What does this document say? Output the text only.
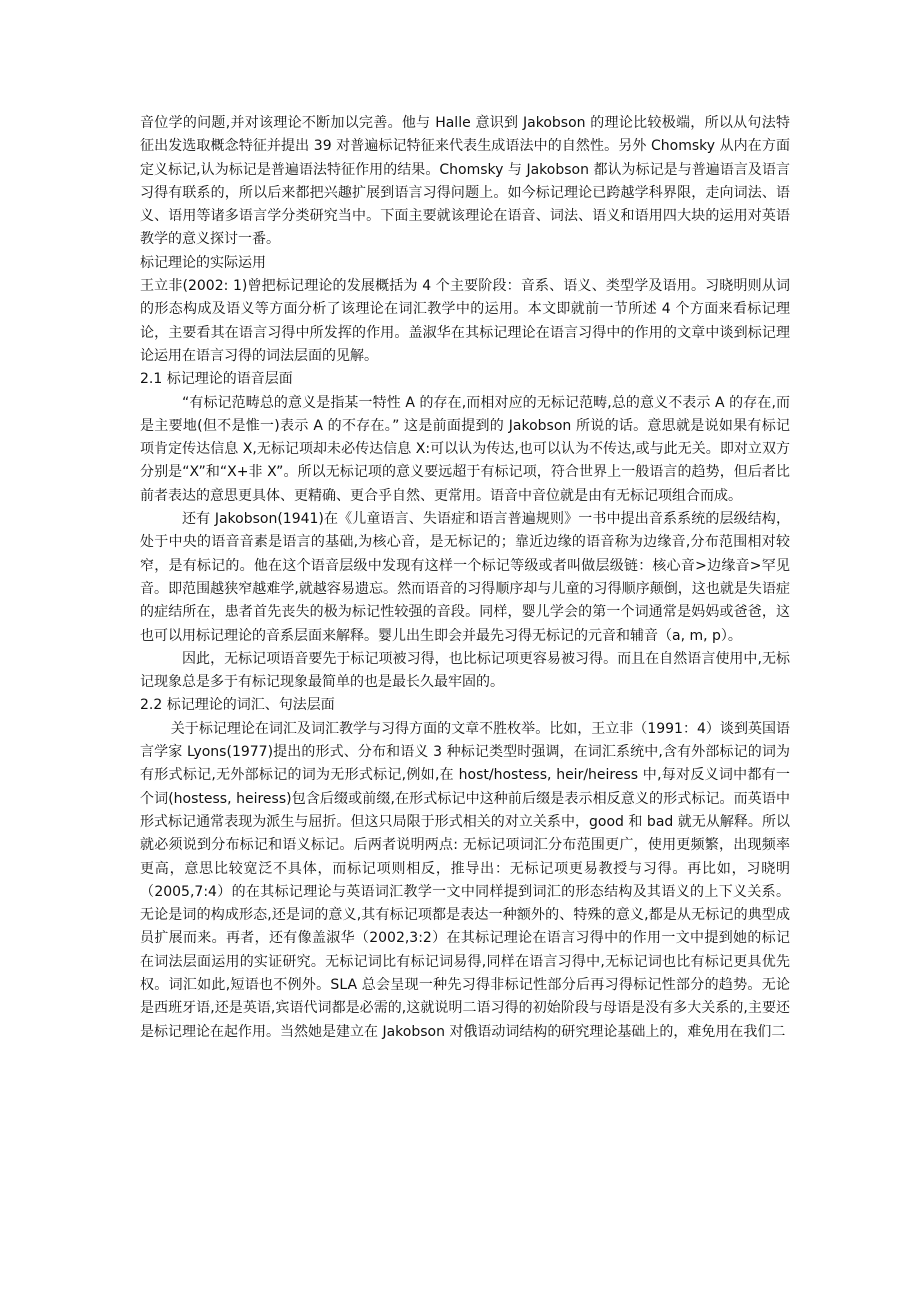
音位学的问题,并对该理论不断加以完善。他与 Halle 意识到 Jakobson 的理论比较极端，所以从句法特征出发选取概念特征并提出 39 对普遍标记特征来代表生成语法中的自然性。另外 Chomsky 从内在方面定义标记,认为标记是普遍语法特征作用的结果。Chomsky 与 Jakobson 都认为标记是与普遍语言及语言习得有联系的，所以后来都把兴趣扩展到语言习得问题上。如今标记理论已跨越学科界限，走向词法、语义、语用等诸多语言学分类研究当中。下面主要就该理论在语音、词法、语义和语用四大块的运用对英语教学的意义探讨一番。

标记理论的实际运用

王立非(2002: 1)曾把标记理论的发展概括为 4 个主要阶段：音系、语义、类型学及语用。习晓明则从词的形态构成及语义等方面分析了该理论在词汇教学中的运用。本文即就前一节所述 4 个方面来看标记理论，主要看其在语言习得中所发挥的作用。盖淑华在其标记理论在语言习得中的作用的文章中谈到标记理论运用在语言习得的词法层面的见解。

2.1 标记理论的语音层面

“有标记范畴总的意义是指某一特性 A 的存在,而相对应的无标记范畴,总的意义不表示 A 的存在,而是主要地(但不是惟一)表示 A 的不存在。” 这是前面提到的 Jakobson 所说的话。意思就是说如果有标记项肯定传达信息 X,无标记项却未必传达信息 X:可以认为传达,也可以认为不传达,或与此无关。即对立双方分别是“X”和“X+非 X”。所以无标记项的意义要远超于有标记项，符合世界上一般语言的趋势，但后者比前者表达的意思更具体、更精确、更合乎自然、更常用。语音中音位就是由有无标记项组合而成。

还有 Jakobson(1941)在《儿童语言、失语症和语言普遍规则》一书中提出音系系统的层级结构，处于中央的语音音素是语言的基础,为核心音，是无标记的；靠近边缘的语音称为边缘音,分布范围相对较窄，是有标记的。他在这个语音层级中发现有这样一个标记等级或者叫做层级链：核心音>边缘音>罕见音。即范围越狭窄越难学,就越容易遗忘。然而语音的习得顺序却与儿童的习得顺序颠倒，这也就是失语症的症结所在，患者首先丧失的极为标记性较强的音段。同样，婴儿学会的第一个词通常是妈妈或爸爸，这也可以用标记理论的音系层面来解释。婴儿出生即会并最先习得无标记的元音和辅音（a, m, p）。

因此，无标记项语音要先于标记项被习得，也比标记项更容易被习得。而且在自然语言使用中,无标记现象总是多于有标记现象最简单的也是最长久最牢固的。

2.2 标记理论的词汇、句法层面

关于标记理论在词汇及词汇教学与习得方面的文章不胜枚举。比如，王立非（1991：4）谈到英国语言学家 Lyons(1977)提出的形式、分布和语义 3 种标记类型时强调，在词汇系统中,含有外部标记的词为有形式标记,无外部标记的词为无形式标记,例如,在 host/hostess, heir/heiress 中,每对反义词中都有一个词(hostess, heiress)包含后缀或前缀,在形式标记中这种前后缀是表示相反意义的形式标记。而英语中形式标记通常表现为派生与屈折。但这只局限于形式相关的对立关系中，good 和 bad 就无从解释。所以就必须说到分布标记和语义标记。后两者说明两点: 无标记项词汇分布范围更广，使用更频繁，出现频率更高，意思比较宽泛不具体，而标记项则相反，推导出：无标记项更易教授与习得。再比如，习晓明（2005,7:4）的在其标记理论与英语词汇教学一文中同样提到词汇的形态结构及其语义的上下义关系。无论是词的构成形态,还是词的意义,其有标记项都是表达一种额外的、特殊的意义,都是从无标记的典型成员扩展而来。再者，还有像盖淑华（2002,3:2）在其标记理论在语言习得中的作用一文中提到她的标记在词法层面运用的实证研究。无标记词比有标记词易得,同样在语言习得中,无标记词也比有标记更具优先权。词汇如此,短语也不例外。SLA 总会呈现一种先习得非标记性部分后再习得标记性部分的趋势。无论是西班牙语,还是英语,宾语代词都是必需的,这就说明二语习得的初始阶段与母语是没有多大关系的,主要还是标记理论在起作用。当然她是建立在 Jakobson 对俄语动词结构的研究理论基础上的，难免用在我们二
